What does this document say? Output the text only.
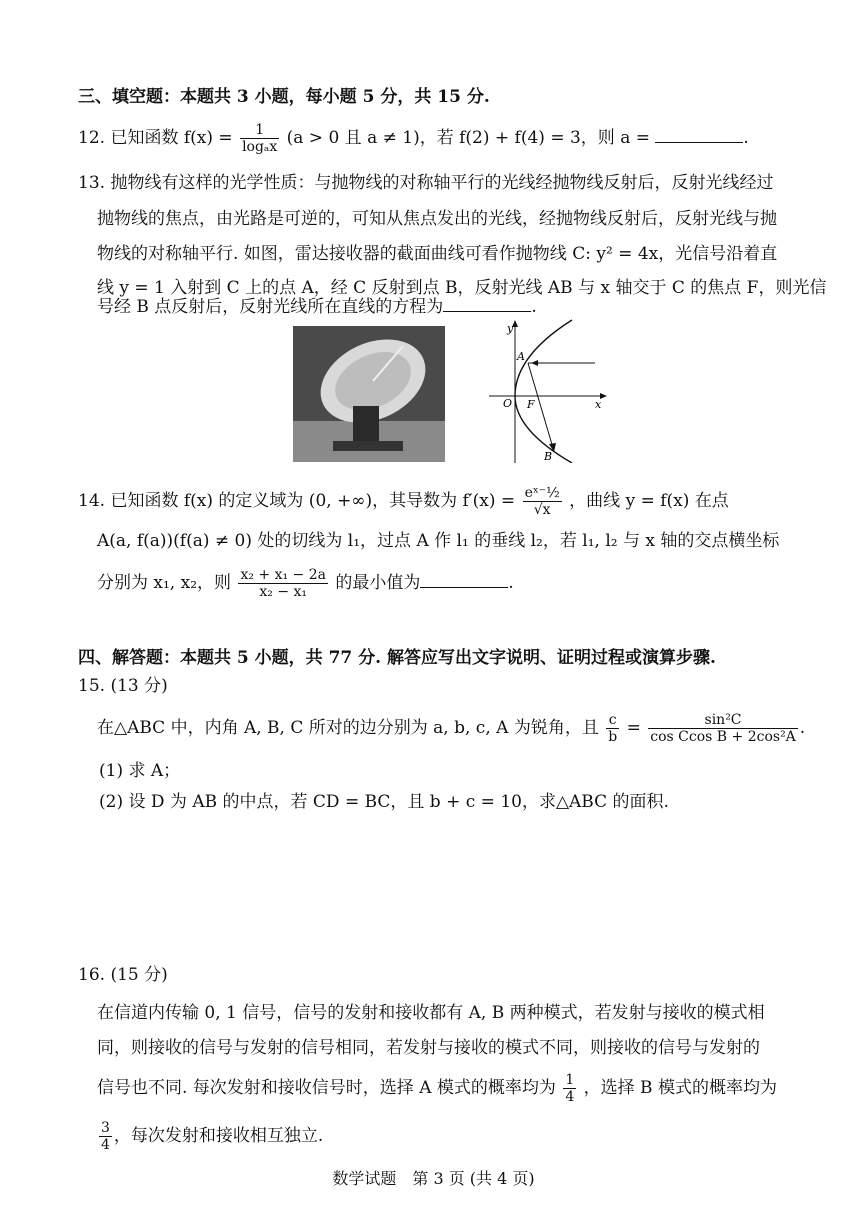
三、填空题：本题共 3 小题，每小题 5 分，共 15 分.
12. 已知函数 $f(x) = \frac{1}{\text{logₐx}} (a > 0$ 且 a ≠ 1)，若 f(2) + f(4) = 3，则 a =	.
13. 抛物线有这样的光学性质：与抛物线的对称轴平行的光线经抛物线反射后，反射光线经过
抛物线的焦点，由光路是可逆的，可知从焦点发出的光线，经抛物线反射后，反射光线与抛
物线的对称轴平行. 如图，雷达接收器的截面曲线可看作抛物线 C: y² = 4x，光信号沿着直
线 y = 1 入射到 C 上的点 A，经 C 反射到点 B，反射光线 AB 与 x 轴交于 C 的焦点 F，则光信
号经 B 点反射后，反射光线所在直线的方程为	.
y
x
O
A
F
B
14. 已知函数 f(x) 的定义域为 (0, +∞)，其导数为 $f'(x) = \frac{\text{eˣ⁻½}}{√x}$ ，曲线 y = f(x) 在点
A(a, f(a))(f(a) ≠ 0) 处的切线为 l₁，过点 A 作 l₁ 的垂线 l₂，若 l₁, l₂ 与 x 轴的交点横坐标
分别为 x₁, x₂，则 $\frac{\text{x₂ + x₁ − 2a}}{\text{x₂ − x₁}}$ 的最小值为	.
四、解答题：本题共 5 小题，共 77 分. 解答应写出文字说明、证明过程或演算步骤.
15. (13 分)
在△ABC 中，内角 A, B, C 所对的边分别为 a, b, c, A 为锐角，且 $\frac{c}{b} = \frac{\text{sin²C}}{\text{cos Ccos B + 2cos²A}}$ .
(1) 求 A；
(2) 设 D 为 AB 的中点，若 CD = BC，且 b + c = 10，求△ABC 的面积.
16. (15 分)
在信道内传输 0, 1 信号，信号的发射和接收都有 A, B 两种模式，若发射与接收的模式相
同，则接收的信号与发射的信号相同，若发射与接收的模式不同，则接收的信号与发射的
信号也不同. 每次发射和接收信号时，选择 A 模式的概率均为 $\frac{1}{4}$ ，选择 B 模式的概率均为
$\frac{3}{4}$ ，每次发射和接收相互独立.
数学试题　第 3 页 (共 4 页)
